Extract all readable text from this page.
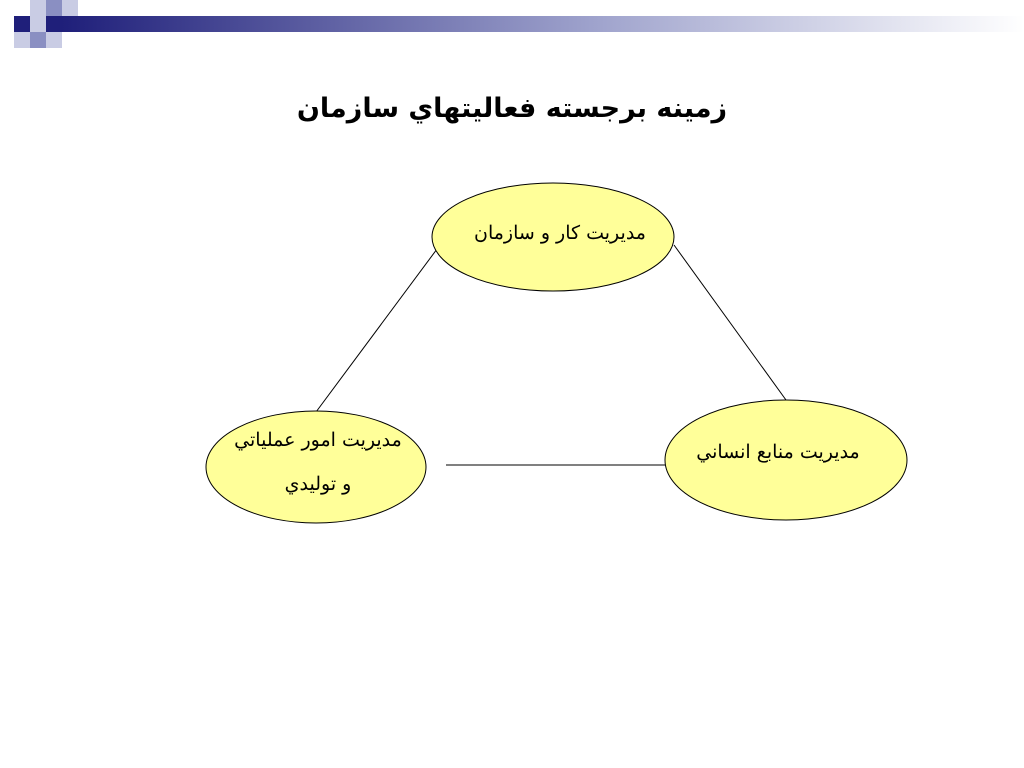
زمينه برجسته فعاليتهاي سازمان
مديريت كار و سازمان
مديريت امور عملياتي
و توليدي
مديريت منابع انساني
